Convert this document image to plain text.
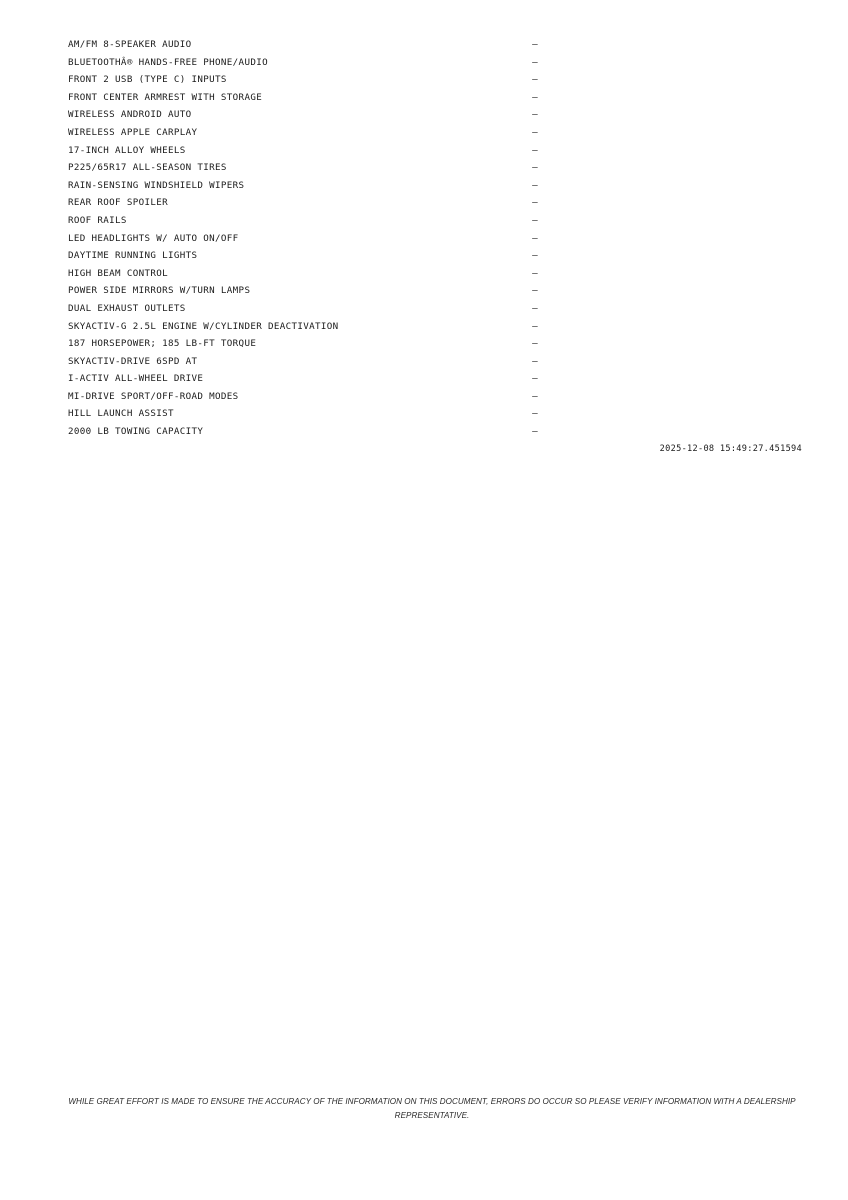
AM/FM 8-SPEAKER AUDIO	—
BLUETOOTHÂ® HANDS-FREE PHONE/AUDIO	—
FRONT 2 USB (TYPE C) INPUTS	—
FRONT CENTER ARMREST WITH STORAGE	—
WIRELESS ANDROID AUTO	—
WIRELESS APPLE CARPLAY	—
17-INCH ALLOY WHEELS	—
P225/65R17 ALL-SEASON TIRES	—
RAIN-SENSING WINDSHIELD WIPERS	—
REAR ROOF SPOILER	—
ROOF RAILS	—
LED HEADLIGHTS W/ AUTO ON/OFF	—
DAYTIME RUNNING LIGHTS	—
HIGH BEAM CONTROL	—
POWER SIDE MIRRORS W/TURN LAMPS	—
DUAL EXHAUST OUTLETS	—
SKYACTIV-G 2.5L ENGINE W/CYLINDER DEACTIVATION	—
187 HORSEPOWER; 185 LB-FT TORQUE	—
SKYACTIV-DRIVE 6SPD AT	—
I-ACTIV ALL-WHEEL DRIVE	—
MI-DRIVE SPORT/OFF-ROAD MODES	—
HILL LAUNCH ASSIST	—
2000 LB TOWING CAPACITY	—
2025-12-08 15:49:27.451594
WHILE GREAT EFFORT IS MADE TO ENSURE THE ACCURACY OF THE INFORMATION ON THIS DOCUMENT, ERRORS DO OCCUR SO PLEASE VERIFY INFORMATION WITH A DEALERSHIP REPRESENTATIVE.
